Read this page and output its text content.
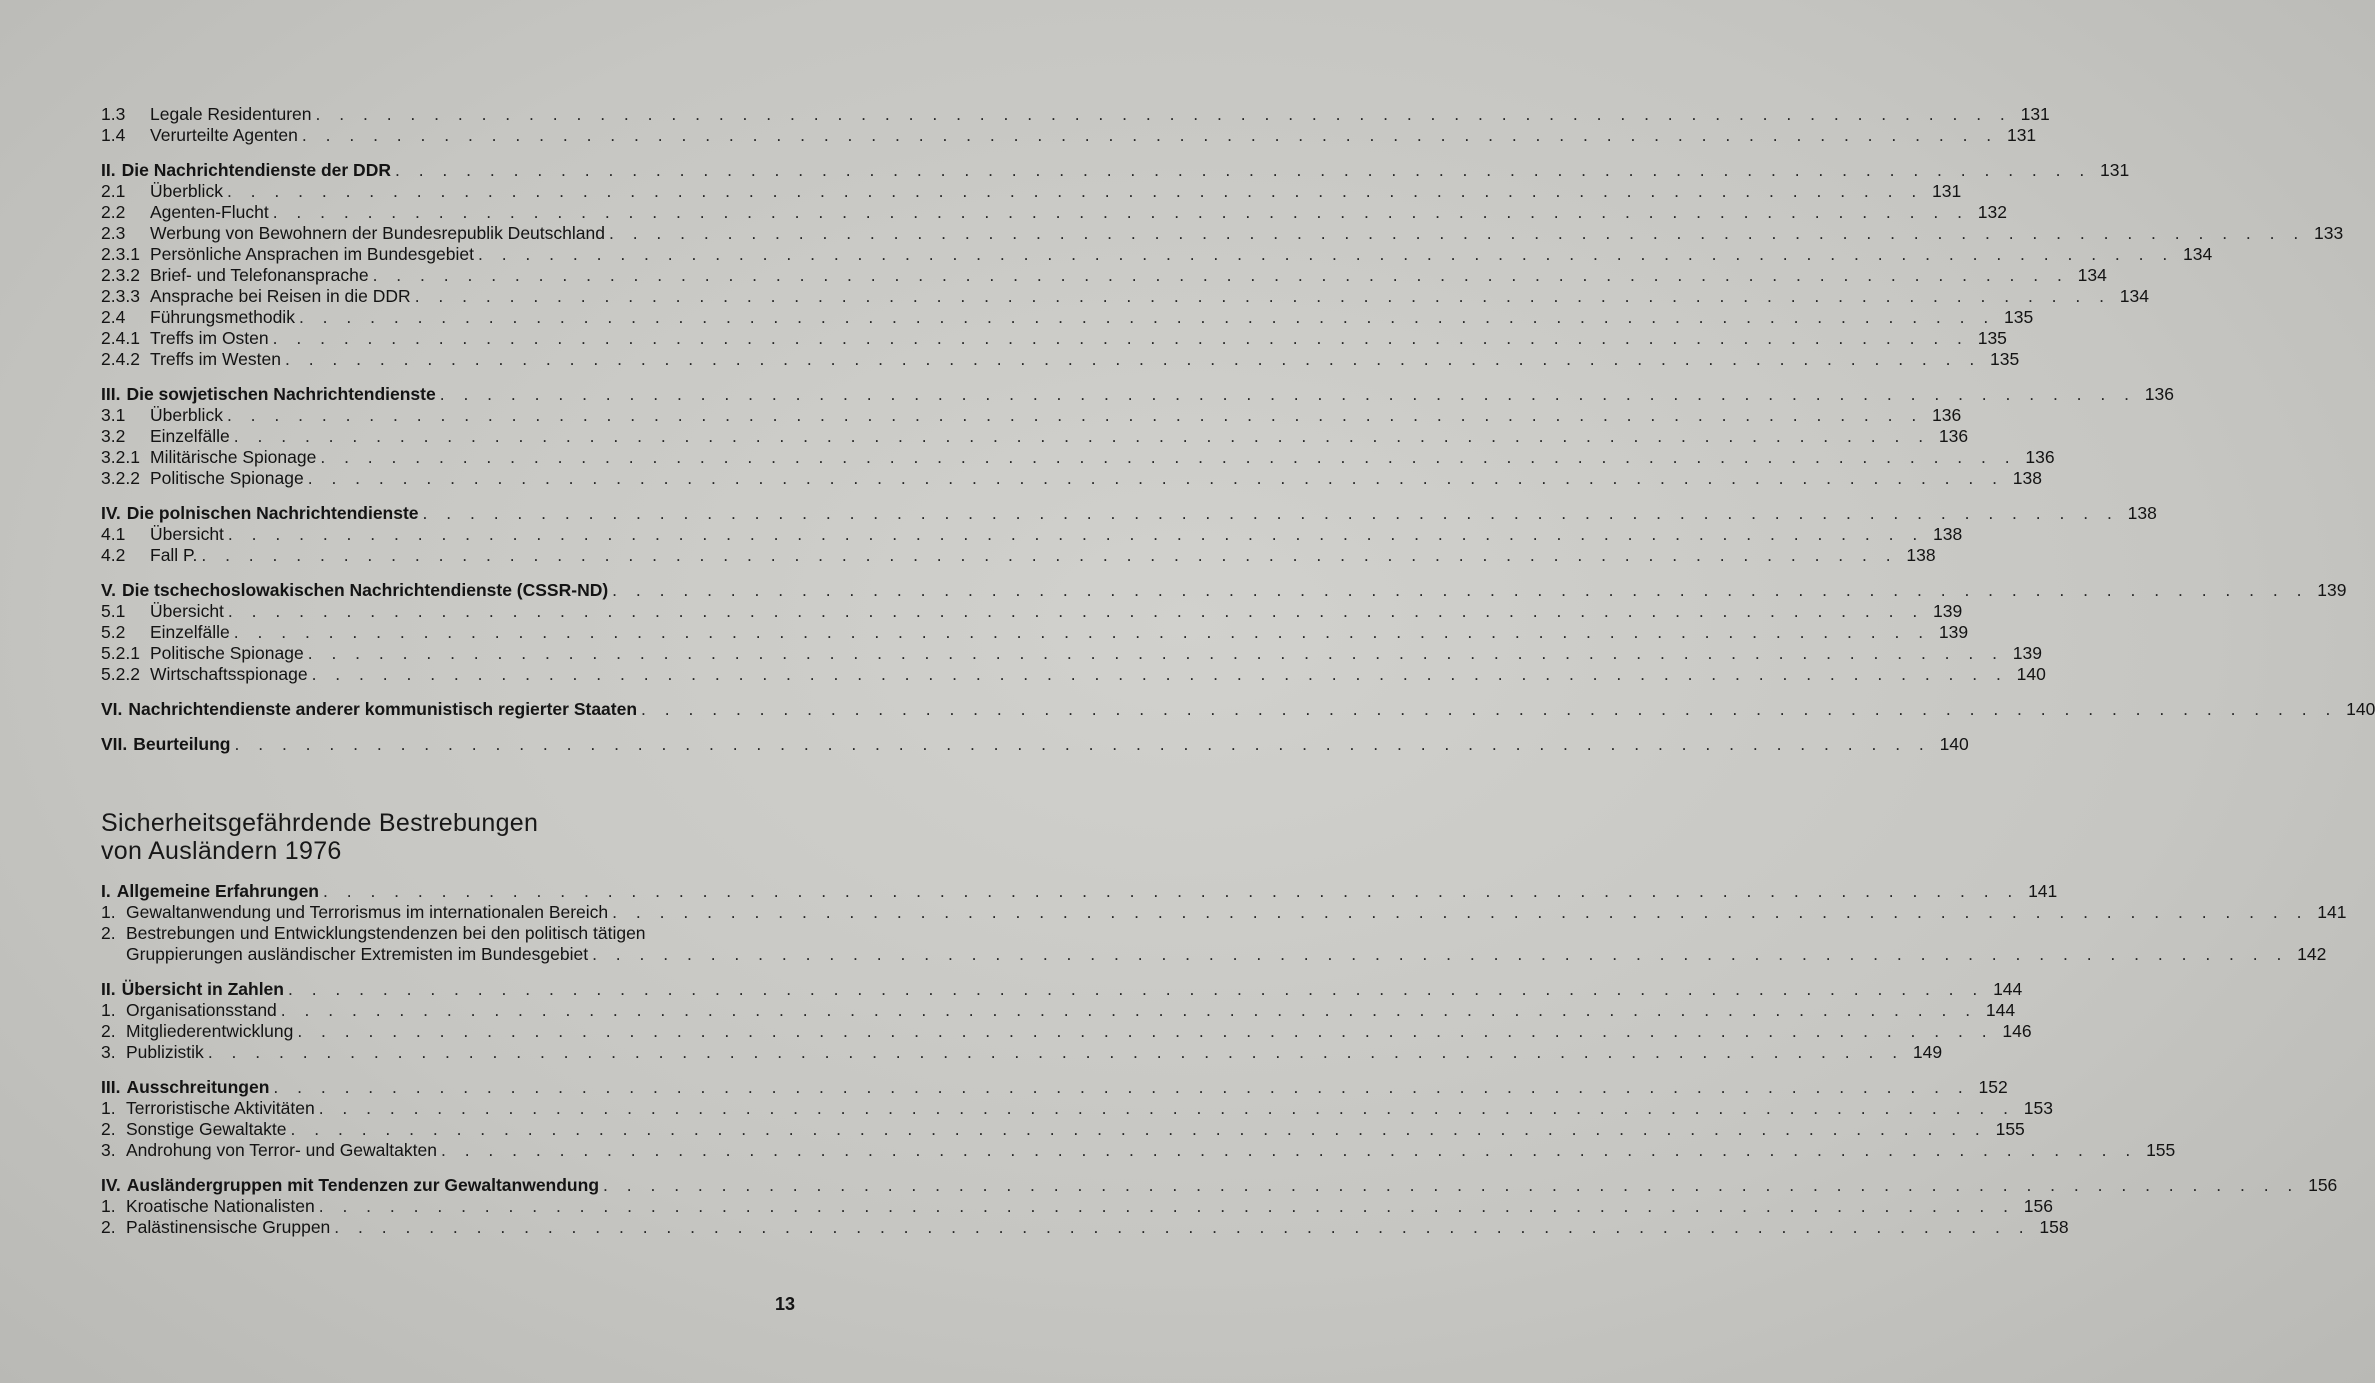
1.3	Legale Residenturen . . .	131
1.4	Verurteilte Agenten . . .	131
II. Die Nachrichtendienste der DDR . . .	131
2.1	Überblick . . .	131
2.2	Agenten-Flucht . . .	132
2.3	Werbung von Bewohnern der Bundesrepublik Deutschland . . .	133
2.3.1 Persönliche Ansprachen im Bundesgebiet . . .	134
2.3.2 Brief- und Telefonansprache . . .	134
2.3.3 Ansprache bei Reisen in die DDR . . .	134
2.4	Führungsmethodik . . .	135
2.4.1 Treffs im Osten . . .	135
2.4.2 Treffs im Westen . . .	135
III. Die sowjetischen Nachrichtendienste . . .	136
3.1	Überblick . . .	136
3.2	Einzelfälle . . .	136
3.2.1 Militärische Spionage . . .	136
3.2.2 Politische Spionage . . .	138
IV. Die polnischen Nachrichtendienste . . .	138
4.1	Übersicht . . .	138
4.2	Fall P. . . .	138
V. Die tschechoslowakischen Nachrichtendienste (CSSR-ND) . . .	139
5.1	Übersicht . . .	139
5.2	Einzelfälle . . .	139
5.2.1 Politische Spionage . . .	139
5.2.2 Wirtschaftsspionage . . .	140
VI. Nachrichtendienste anderer kommunistisch regierter Staaten . . .	140
VII. Beurteilung . . .	140
Sicherheitsgefährdende Bestrebungen
von Ausländern 1976
I. Allgemeine Erfahrungen . . .	141
1. Gewaltanwendung und Terrorismus im internationalen Bereich . . .	141
2. Bestrebungen und Entwicklungstendenzen bei den politisch tätigen
Gruppierungen ausländischer Extremisten im Bundesgebiet . . .	142
II. Übersicht in Zahlen . . .	144
1. Organisationsstand . . .	144
2. Mitgliederentwicklung . . .	146
3. Publizistik . . .	149
III. Ausschreitungen . . .	152
1. Terroristische Aktivitäten . . .	153
2. Sonstige Gewaltakte . . .	155
3. Androhung von Terror- und Gewaltakten . . .	155
IV. Ausländergruppen mit Tendenzen zur Gewaltanwendung . . .	156
1. Kroatische Nationalisten . . .	156
2. Palästinensische Gruppen . . .	158
13
